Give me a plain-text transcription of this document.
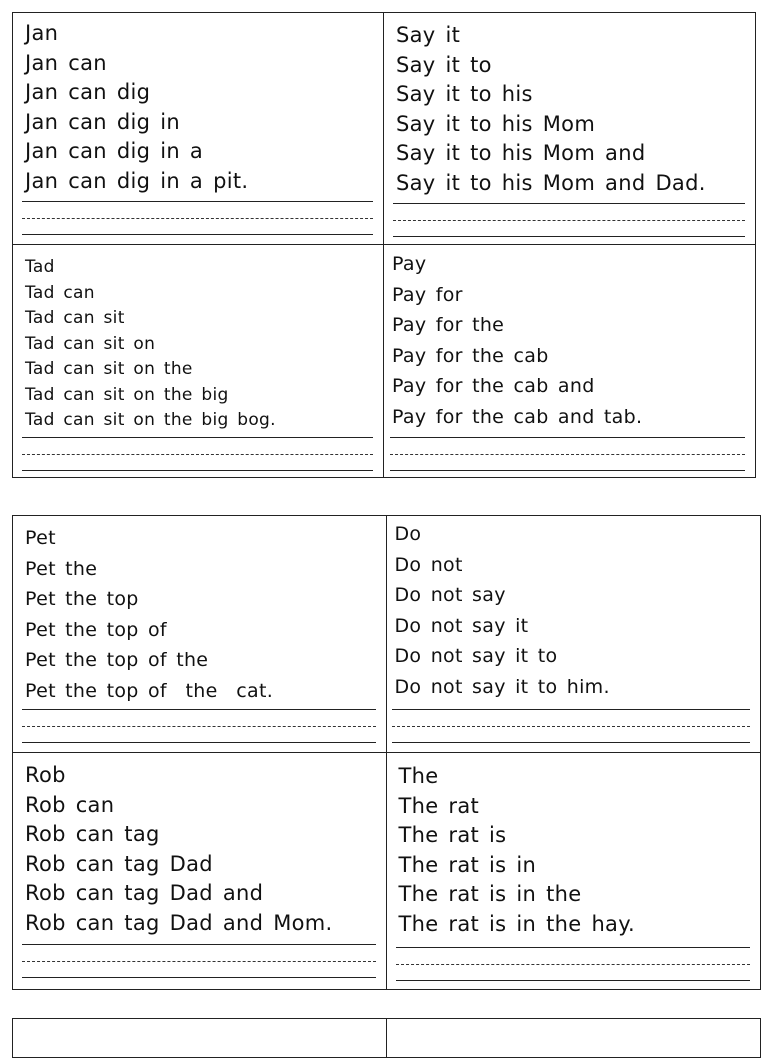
Jan
Jan can
Jan can dig
Jan can dig in
Jan can dig in a
Jan can dig in a pit.
Say it
Say it to
Say it to his
Say it to his Mom
Say it to his Mom and
Say it to his Mom and Dad.
Tad
Tad can
Tad can sit
Tad can sit on
Tad can sit on the
Tad can sit on the big
Tad can sit on the big bog.
Pay
Pay for
Pay for the
Pay for the cab
Pay for the cab and
Pay for the cab and tab.
Pet
Pet the
Pet the top
Pet the top of
Pet the top of the
Pet the top of  the  cat.
Do
Do not
Do not say
Do not say it
Do not say it to
Do not say it to him.
Rob
Rob can
Rob can tag
Rob can tag Dad
Rob can tag Dad and
Rob can tag Dad and Mom.
The
The rat
The rat is
The rat is in
The rat is in the
The rat is in the hay.
